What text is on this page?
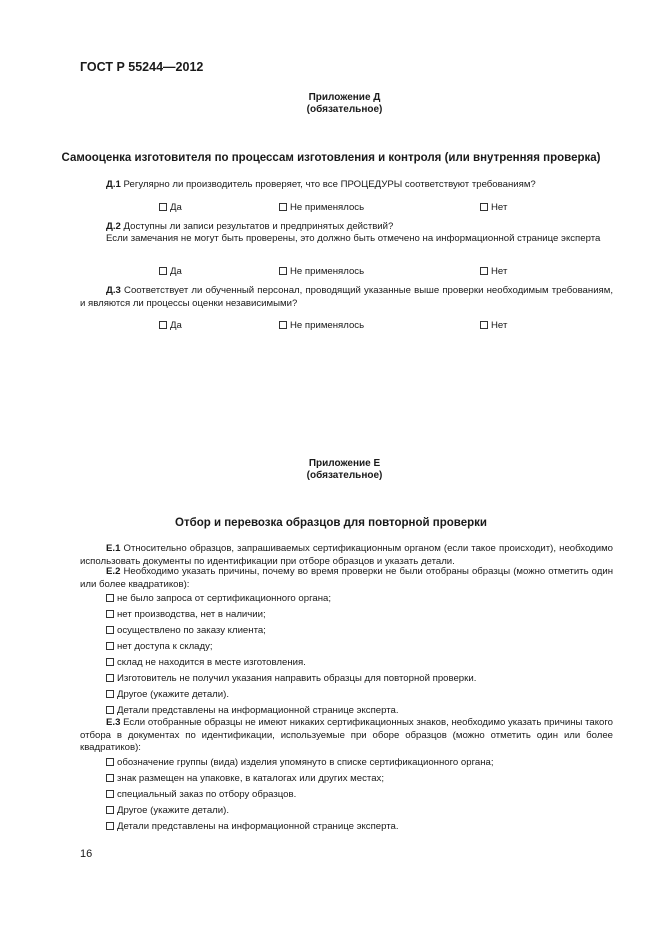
ГОСТ Р 55244—2012
Приложение Д
(обязательное)
Самооценка изготовителя по процессам изготовления и контроля (или внутренняя проверка)
Д.1 Регулярно ли производитель проверяет, что все ПРОЦЕДУРЫ соответствуют требованиям?
Да	Не применялось	Нет
Д.2 Доступны ли записи результатов и предпринятых действий?
Если замечания не могут быть проверены, это должно быть отмечено на информационной странице эксперта
Да	Не применялось	Нет
Д.3 Соответствует ли обученный персонал, проводящий указанные выше проверки необходимым требованиям, и являются ли процессы оценки независимыми?
Да	Не применялось	Нет
Приложение Е
(обязательное)
Отбор и перевозка образцов для повторной проверки
Е.1 Относительно образцов, запрашиваемых сертификационным органом (если такое происходит), необходимо использовать документы по идентификации при отборе образцов и указать детали.
Е.2 Необходимо указать причины, почему во время проверки не были отобраны образцы (можно отметить один или более квадратиков):
не было запроса от сертификационного органа;
нет производства, нет в наличии;
осуществлено по заказу клиента;
нет доступа к складу;
склад не находится в месте изготовления.
Изготовитель не получил указания направить образцы для повторной проверки.
Другое (укажите детали).
Детали представлены на информационной странице эксперта.
Е.3 Если отобранные образцы не имеют никаких сертификационных знаков, необходимо указать причины такого отбора в документах по идентификации, используемые при оборе образцов (можно отметить один или более квадратиков):
обозначение группы (вида) изделия упомянуто в списке сертификационного органа;
знак размещен на упаковке, в каталогах или других местах;
специальный заказ по отбору образцов.
Другое (укажите детали).
Детали представлены на информационной странице эксперта.
16
